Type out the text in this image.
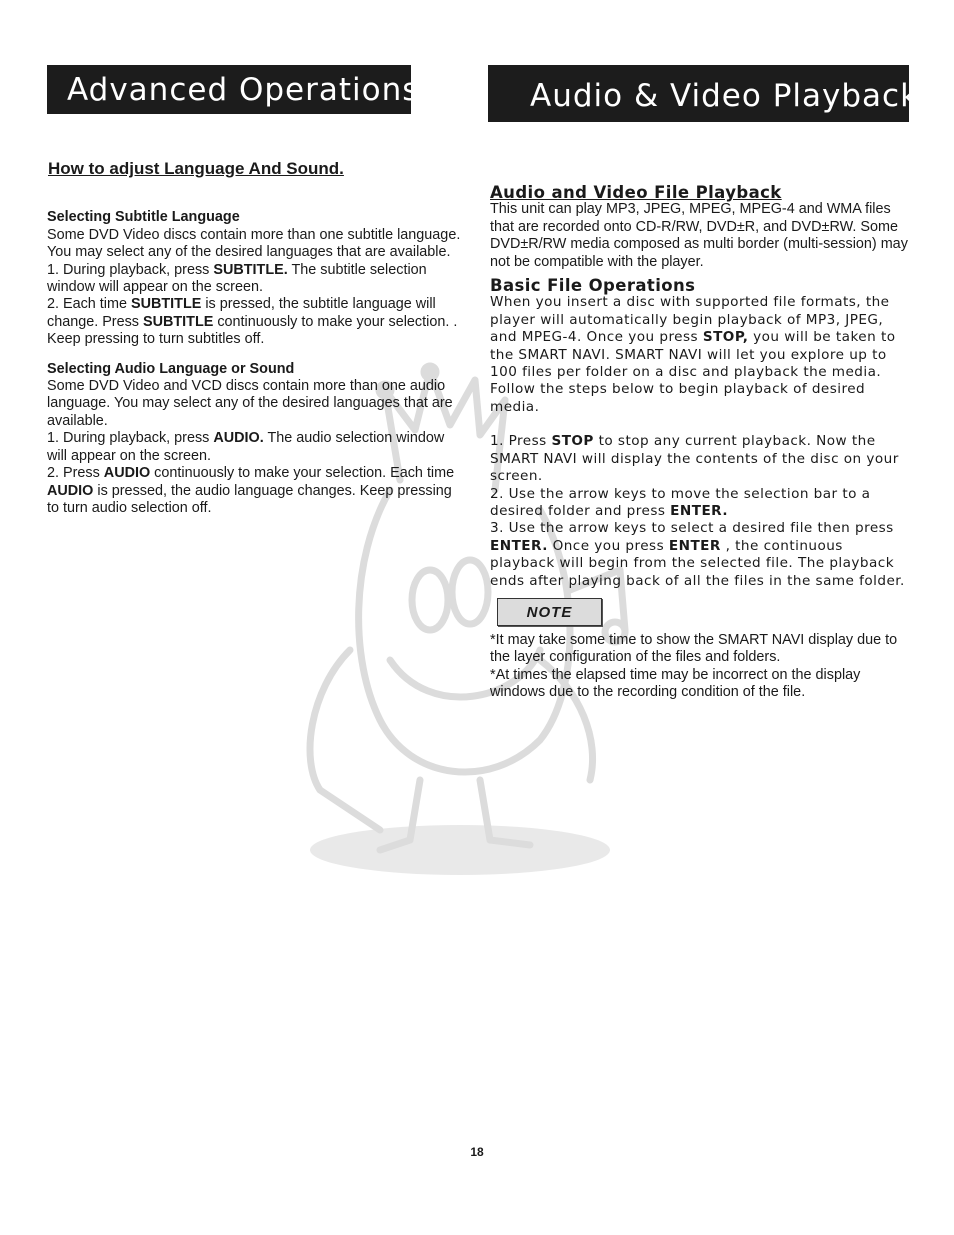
Advanced Operations	Audio & Video Playback
How to adjust Language And Sound.
Selecting Subtitle Language

Some DVD Video discs contain more than one subtitle language. You may select any of the desired languages that are available.

1. During playback, press SUBTITLE. The subtitle selection window will appear on the screen.

2. Each time SUBTITLE is pressed, the subtitle language will change. Press SUBTITLE continuously to make your selection. . Keep pressing to turn subtitles off.

Selecting Audio Language or Sound

Some DVD Video and VCD discs contain more than one audio language. You may select any of the desired languages that are available.

1. During playback, press AUDIO. The audio selection window will appear on the screen.

2. Press AUDIO continuously to make your selection. Each time AUDIO is pressed, the audio language changes. Keep pressing to turn audio selection off.

Audio and Video File Playback

This unit can play MP3, JPEG, MPEG, MPEG-4 and WMA files that are recorded onto CD-R/RW, DVD±R, and DVD±RW. Some DVD±R/RW media composed as multi border (multi-session) may not be compatible with the player.

Basic File Operations

When you insert a disc with supported file formats, the player will automatically begin playback of MP3, JPEG, and MPEG-4. Once you press STOP, you will be taken to the SMART NAVI. SMART NAVI will let you explore up to 100 files per folder on a disc and playback the media. Follow the steps below to begin playback of desired media.

1. Press STOP to stop any current playback. Now the SMART NAVI will display the contents of the disc on your screen.

2. Use the arrow keys to move the selection bar to a desired folder and press ENTER.

3. Use the arrow keys to select a desired file then press ENTER. Once you press ENTER , the continuous playback will begin from the selected file. The playback ends after playing back of all the files in the same folder.

NOTE

*It may take some time to show the SMART NAVI display due to the layer configuration of the files and folders.

*At times the elapsed time may be incorrect on the display windows due to the recording condition of the file.

18
